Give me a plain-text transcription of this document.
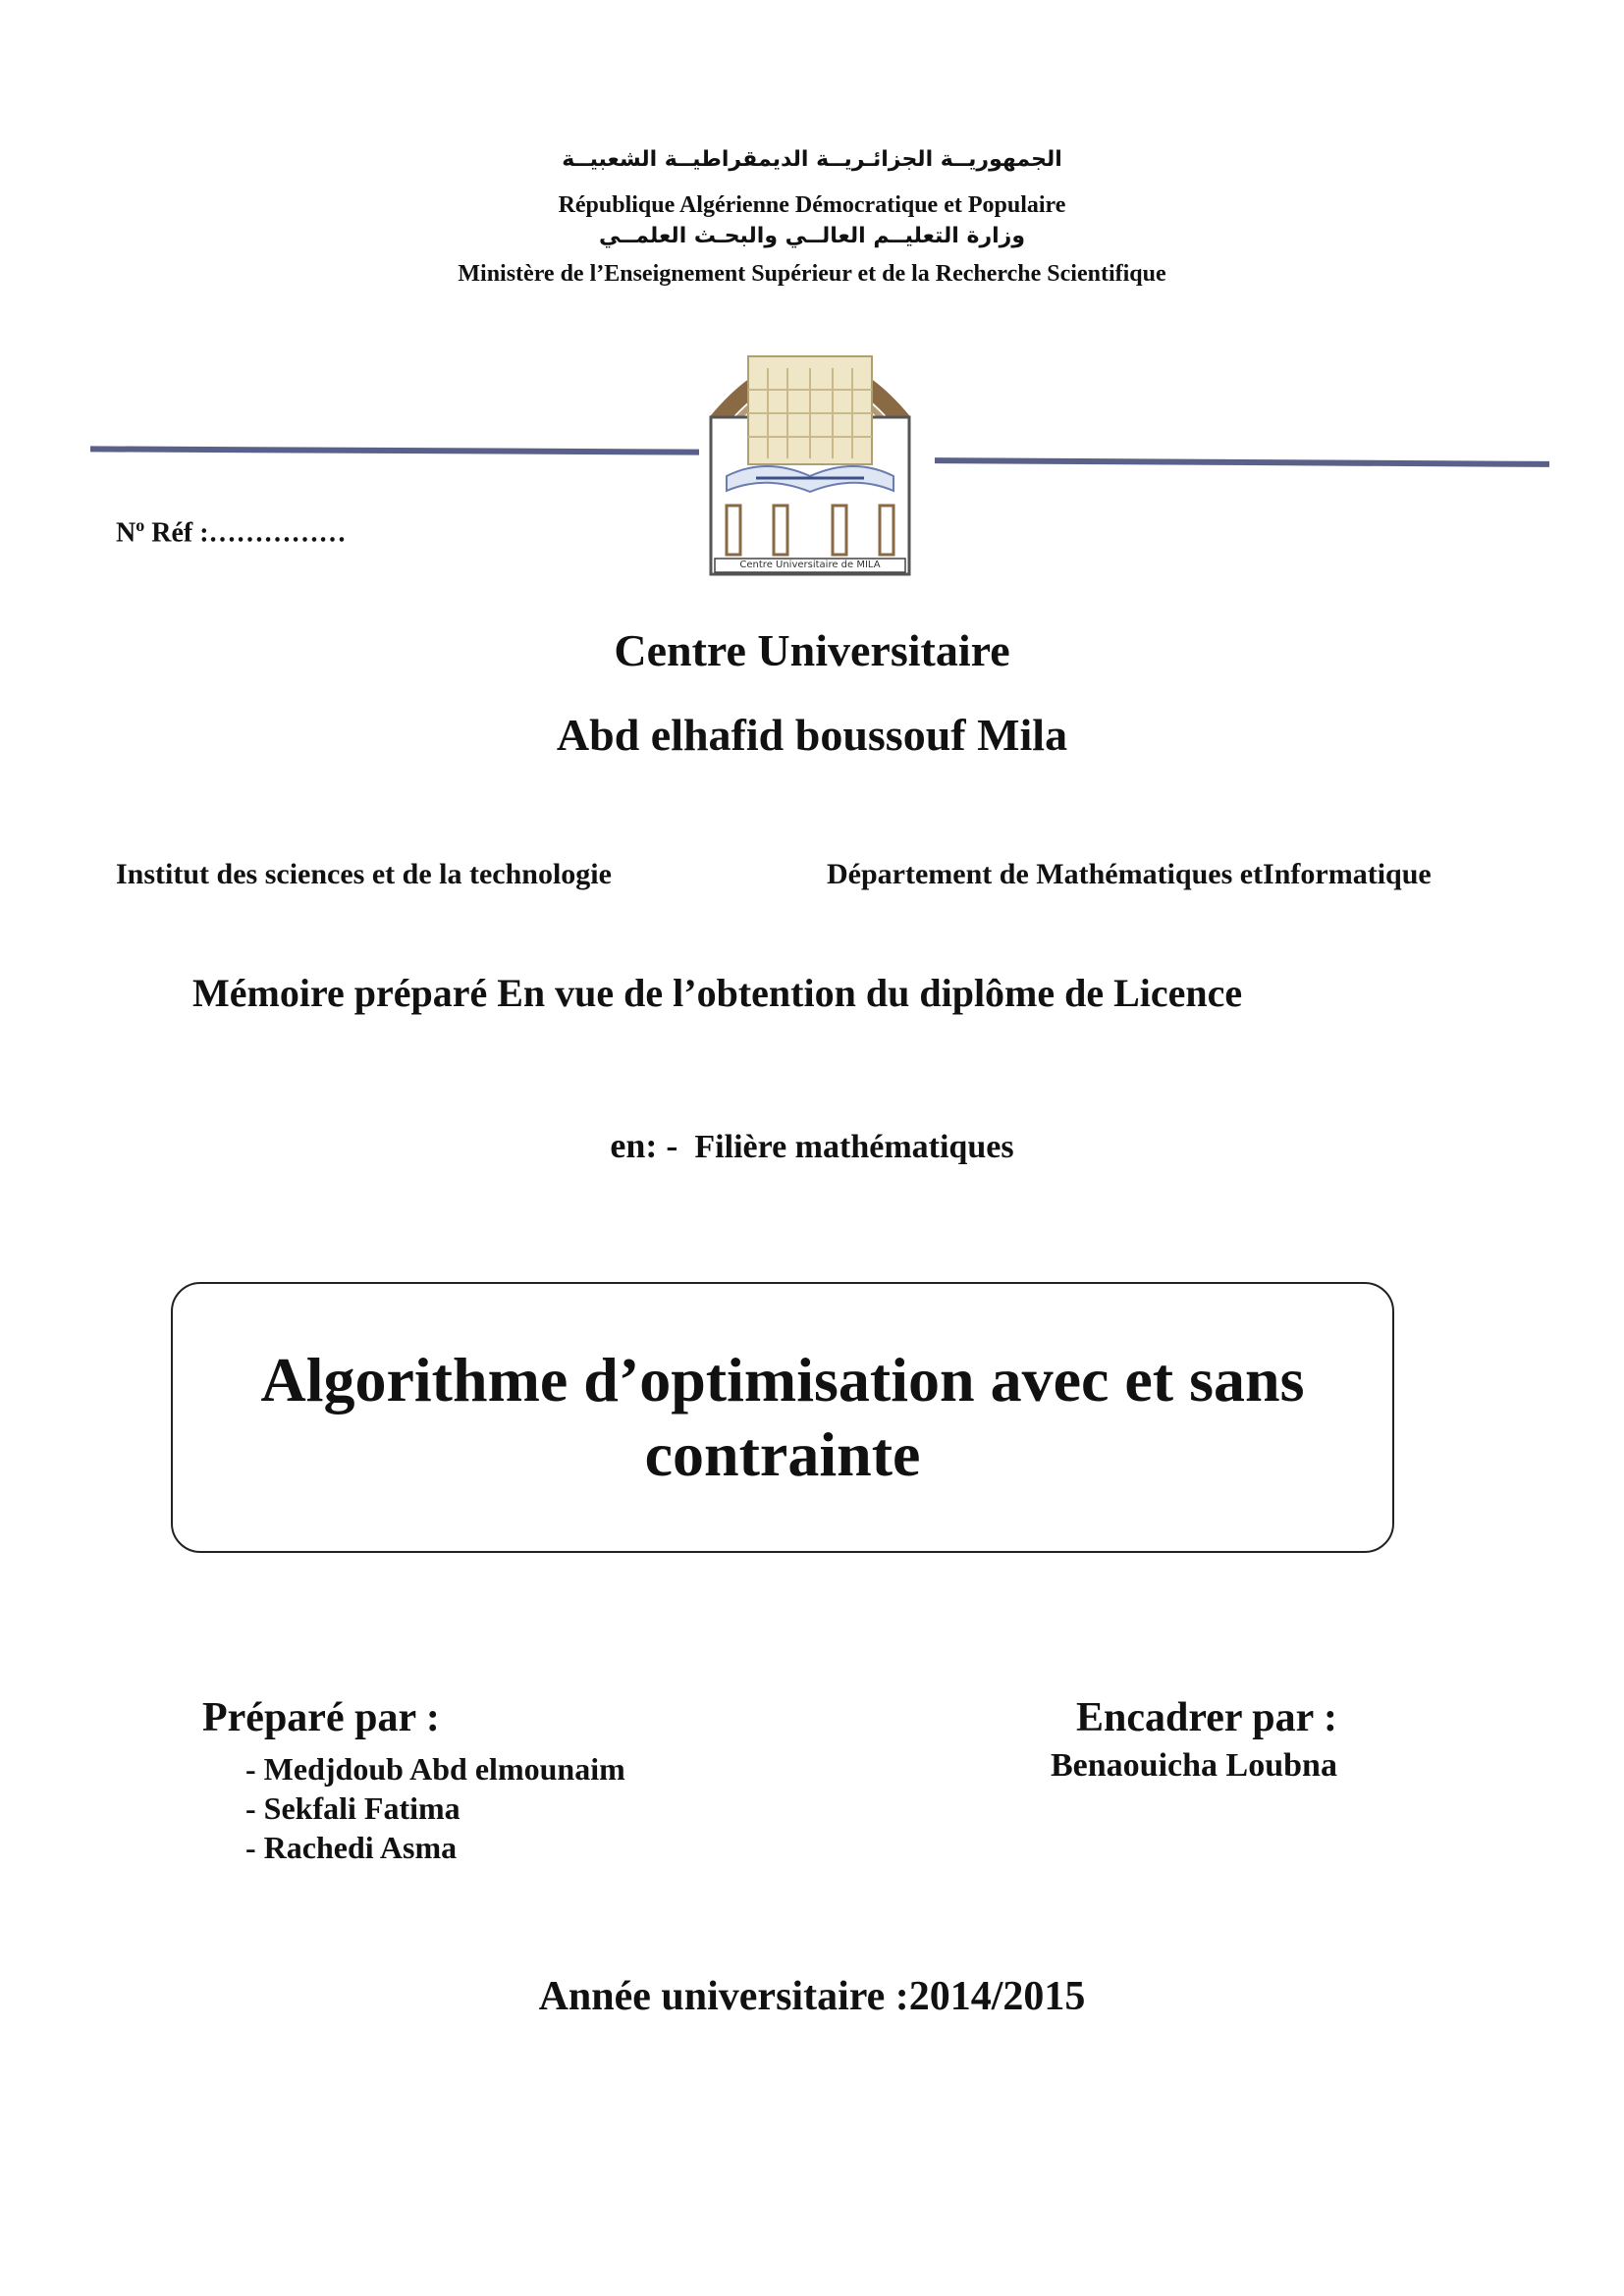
الجمهوريــة الجزائـريــة الديمقراطيــة الشعبيــة
République Algérienne Démocratique et Populaire
وزارة التعليــم العالــي والبحـث العلمــي
Ministère de l’Enseignement Supérieur et de la Recherche Scientifique
Centre Universitaire de MILA
$N^o$ Réf :……………
Centre Universitaire
Abd elhafid boussouf Mila
Institut des sciences et de la technologie	Département de Mathématiques etInformatique
Mémoire préparé En vue de l’obtention du diplôme de Licence
en: - Filière mathématiques
Algorithme d’optimisation avec et sans contrainte
Préparé par :
- Medjdoub Abd elmounaim
- Sekfali Fatima
- Rachedi Asma
Encadrer par :
Benaouicha Loubna
Année universitaire :2014/2015
